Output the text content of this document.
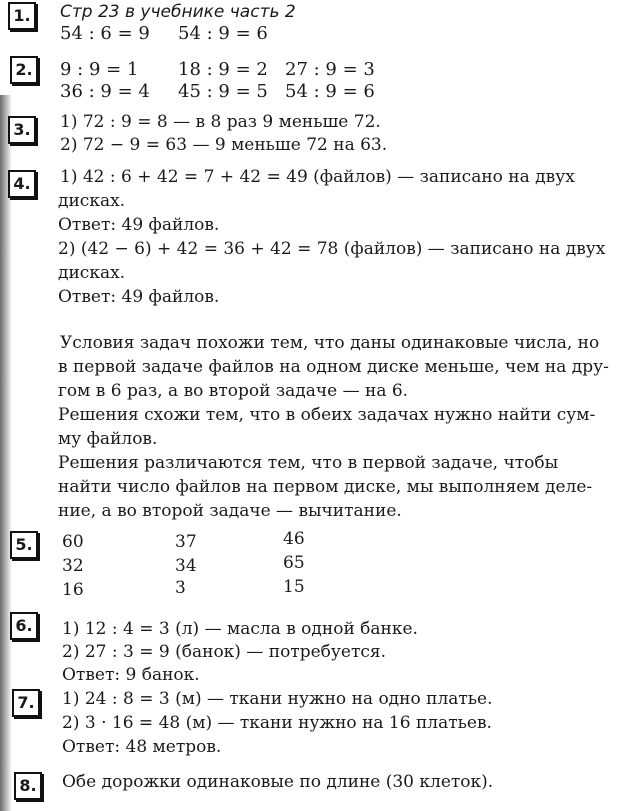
1.	Стр 23 в учебнике часть 2
54 : 6 = 9 54 : 9 = 6
2. 9 : 9 = 1 18 : 9 = 2 27 : 9 = 3
36 : 9 = 4 45 : 9 = 5 54 : 9 = 6
3.	1) 72 : 9 = 8 — в 8 раз 9 меньше 72.
2) 72 − 9 = 63 — 9 меньше 72 на 63.
4.	1) 42 : 6 + 42 = 7 + 42 = 49 (файлов) — записано на двух
дисках.
Ответ: 49 файлов.
2) (42 − 6) + 42 = 36 + 42 = 78 (файлов) — записано на двух
дисках.
Ответ: 49 файлов.
Условия задач похожи тем, что даны одинаковые числа, но
в первой задаче файлов на одном диске меньше, чем на дру-
гом в 6 раз, а во второй задаче — на 6.
Решения схожи тем, что в обеих задачах нужно найти сум-
му файлов.
Решения различаются тем, что в первой задаче, чтобы
найти число файлов на первом диске, мы выполняем деле-
ние, а во второй задаче — вычитание.
5.	60	37	46
32	34	65
16	3	15
6.	1) 12 : 4 = 3 (л) — масла в одной банке.
2) 27 : 3 = 9 (банок) — потребуется.
Ответ: 9 банок.
7.	1) 24 : 8 = 3 (м) — ткани нужно на одно платье.
2) 3 · 16 = 48 (м) — ткани нужно на 16 платьев.
Ответ: 48 метров.
8.	Обе дорожки одинаковые по длине (30 клеток).
